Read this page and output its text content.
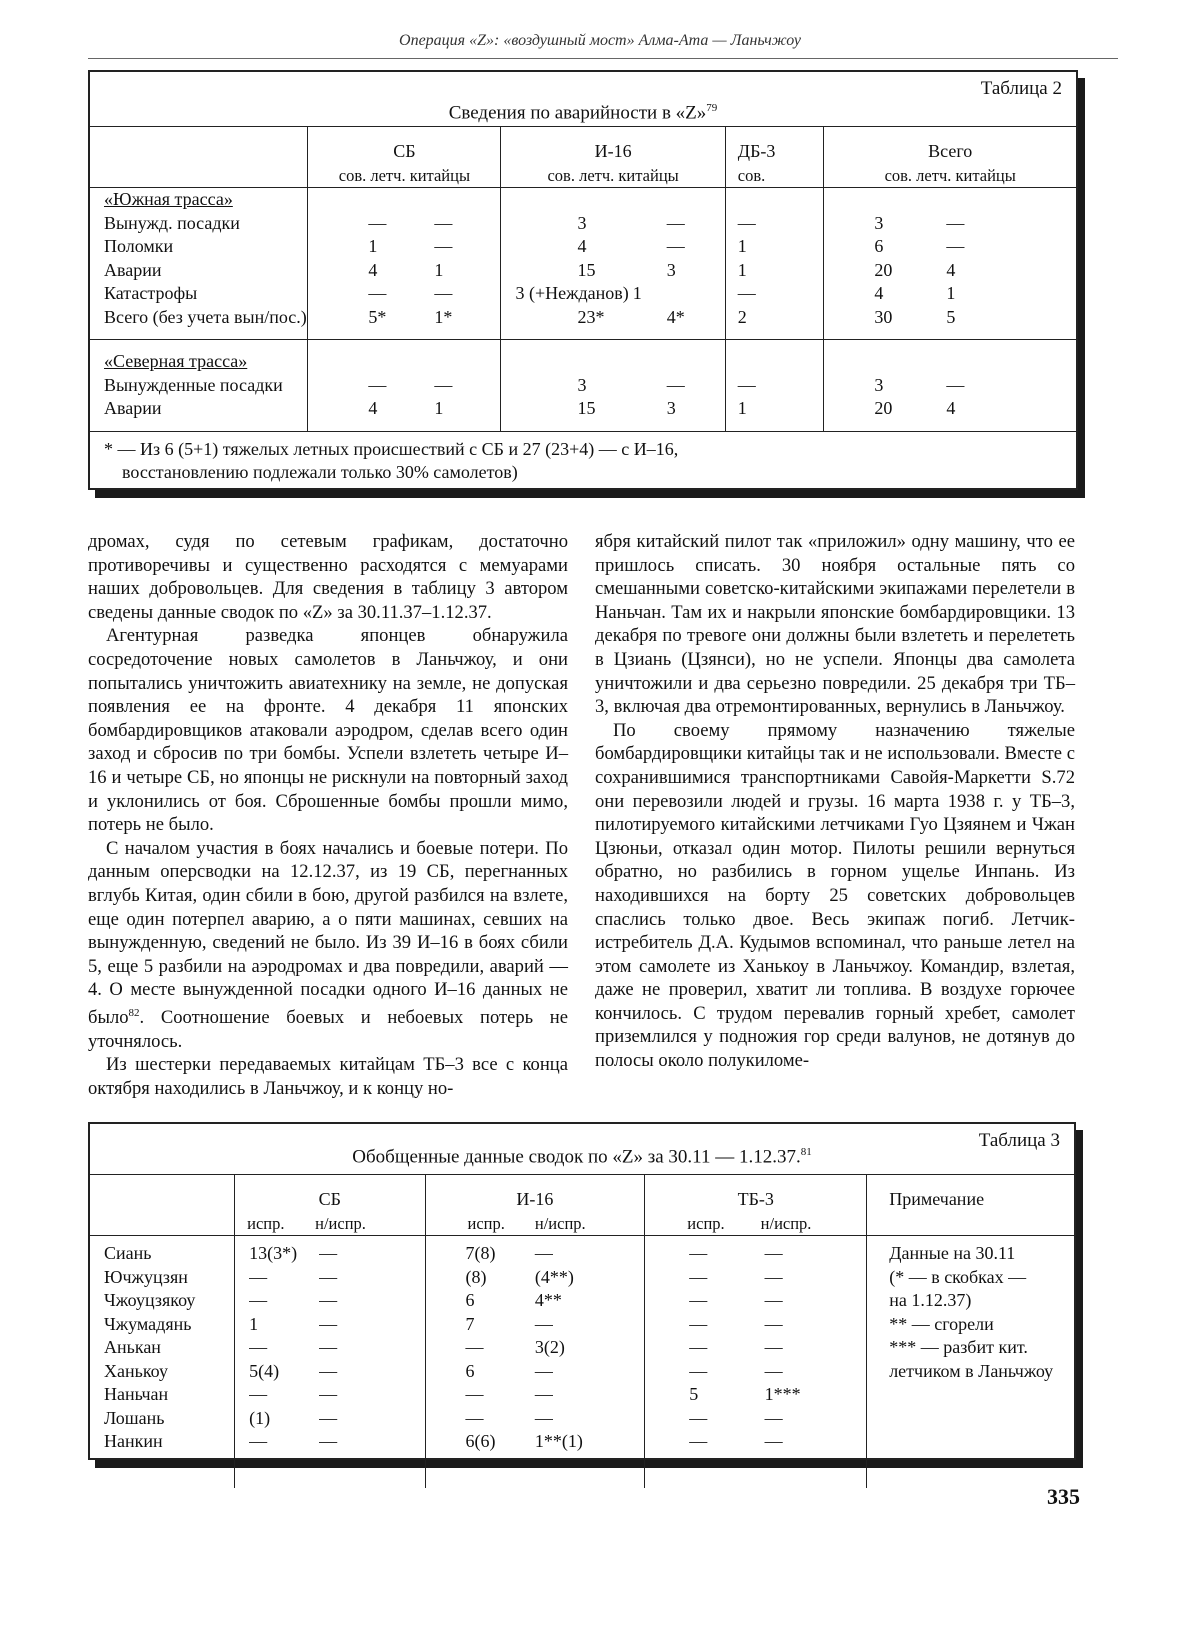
Операция «Z»: «воздушный мост» Алма-Ата — Ланьчжоу
Таблица 2
Сведения по аварийности в «Z»$^{79}$
	СБ		И-16		ДБ-3	Всего	
	сов. летч. китайцы		сов. летч. китайцы		сов.	сов. летч. китайцы	
«Южная трасса»							
Вынужд. посадки	—	—	3	—	—	3	—
Поломки	1	—	4	—	1	6	—
Аварии	4	1	15	3	1	20	4
Катастрофы	—	—	3 (+Нежданов)	1	—	4	1
Всего (без учета вын/пос.)	5*	1*	23*	4*	2	30	5

«Северная трасса»							
Вынужденные посадки	—	—	3	—	—	3	—
Аварии	4	1	15	3	1	20	4

* — Из 6 (5+1) тяжелых летных происшествий с СБ и 27 (23+4) — с И–16,							
восстановлению подлежали только 30% самолетов)							

дромах, судя по сетевым графикам, достаточно противоречивы и существенно расходятся с мемуарами наших добровольцев. Для сведения в таблицу 3 автором сведены данные сводок по «Z» за 30.11.37–1.12.37.

Агентурная разведка японцев обнаружила сосредоточение новых самолетов в Ланьчжоу, и они попытались уничтожить авиатехнику на земле, не допуская появления ее на фронте. 4 декабря 11 японских бомбардировщиков атаковали аэродром, сделав всего один заход и сбросив по три бомбы. Успели взлететь четыре И–16 и четыре СБ, но японцы не рискнули на повторный заход и уклонились от боя. Сброшенные бомбы прошли мимо, потерь не было.

С началом участия в боях начались и боевые потери. По данным оперсводки на 12.12.37, из 19 СБ, перегнанных вглубь Китая, один сбили в бою, другой разбился на взлете, еще один потерпел аварию, а о пяти машинах, севших на вынужденную, сведений не было. Из 39 И–16 в боях сбили 5, еще 5 разбили на аэродромах и два повредили, аварий — 4. О месте вынужденной посадки одного И–16 данных не было$^{82}$. Соотношение боевых и небоевых потерь не уточнялось.

Из шестерки передаваемых китайцам ТБ–3 все с конца октября находились в Ланьчжоу, и к концу но-

ября китайский пилот так «приложил» одну машину, что ее пришлось списать. 30 ноября остальные пять со смешанными советско-китайскими экипажами перелетели в Наньчан. Там их и накрыли японские бомбардировщики. 13 декабря по тревоге они должны были взлететь и перелететь в Цзиань (Цзянси), но не успели. Японцы два самолета уничтожили и два серьезно повредили. 25 декабря три ТБ–3, включая два отремонтированных, вернулись в Ланьчжоу.

По своему прямому назначению тяжелые бомбардировщики китайцы так и не использовали. Вместе с сохранившимися транспортниками Савойя-Маркетти S.72 они перевозили людей и грузы. 16 марта 1938 г. у ТБ–3, пилотируемого китайскими летчиками Гуо Цзяянем и Чжан Цзюньи, отказал один мотор. Пилоты решили вернуться обратно, но разбились в горном ущелье Инпань. Из находившихся на борту 25 советских добровольцев спаслись только двое. Весь экипаж погиб. Летчик-истребитель Д.А. Кудымов вспоминал, что раньше летел на этом самолете из Ханькоу в Ланьчжоу. Командир, взлетая, даже не проверил, хватит ли топлива. В воздухе горючее кончилось. С трудом перевалив горный хребет, самолет приземлился у подножия гор среди валунов, не дотянув до полосы около полукиломе-

Таблица 3
Обобщенные данные сводок по «Z» за 30.11 — 1.12.37.81
	СБ		И-16		ТБ-3		Примечание
	испр.	н/испр.	испр.	н/испр.	испр.	н/испр.	
Сиань	13(3*)	—	7(8)	—	—	—	Данные на 30.11
Ючжуцзян	—	—	(8)	(4**)	—	—	(* — в скобках —
Чжоуцзякоу	—	—	6	4**	—	—	на 1.12.37)
Чжумадянь	1	—	7	—	—	—	** — сгорели
Анькан	—	—	—	3(2)	—	—	*** — разбит кит.
Ханькоу	5(4)	—	6	—	—	—	летчиком в Ланьчжоу
Наньчан	—	—	—	—	5	1***	
Лошань	(1)	—	—	—	—	—	
Нанкин	—	—	6(6)	1**(1)	—	—	

335
